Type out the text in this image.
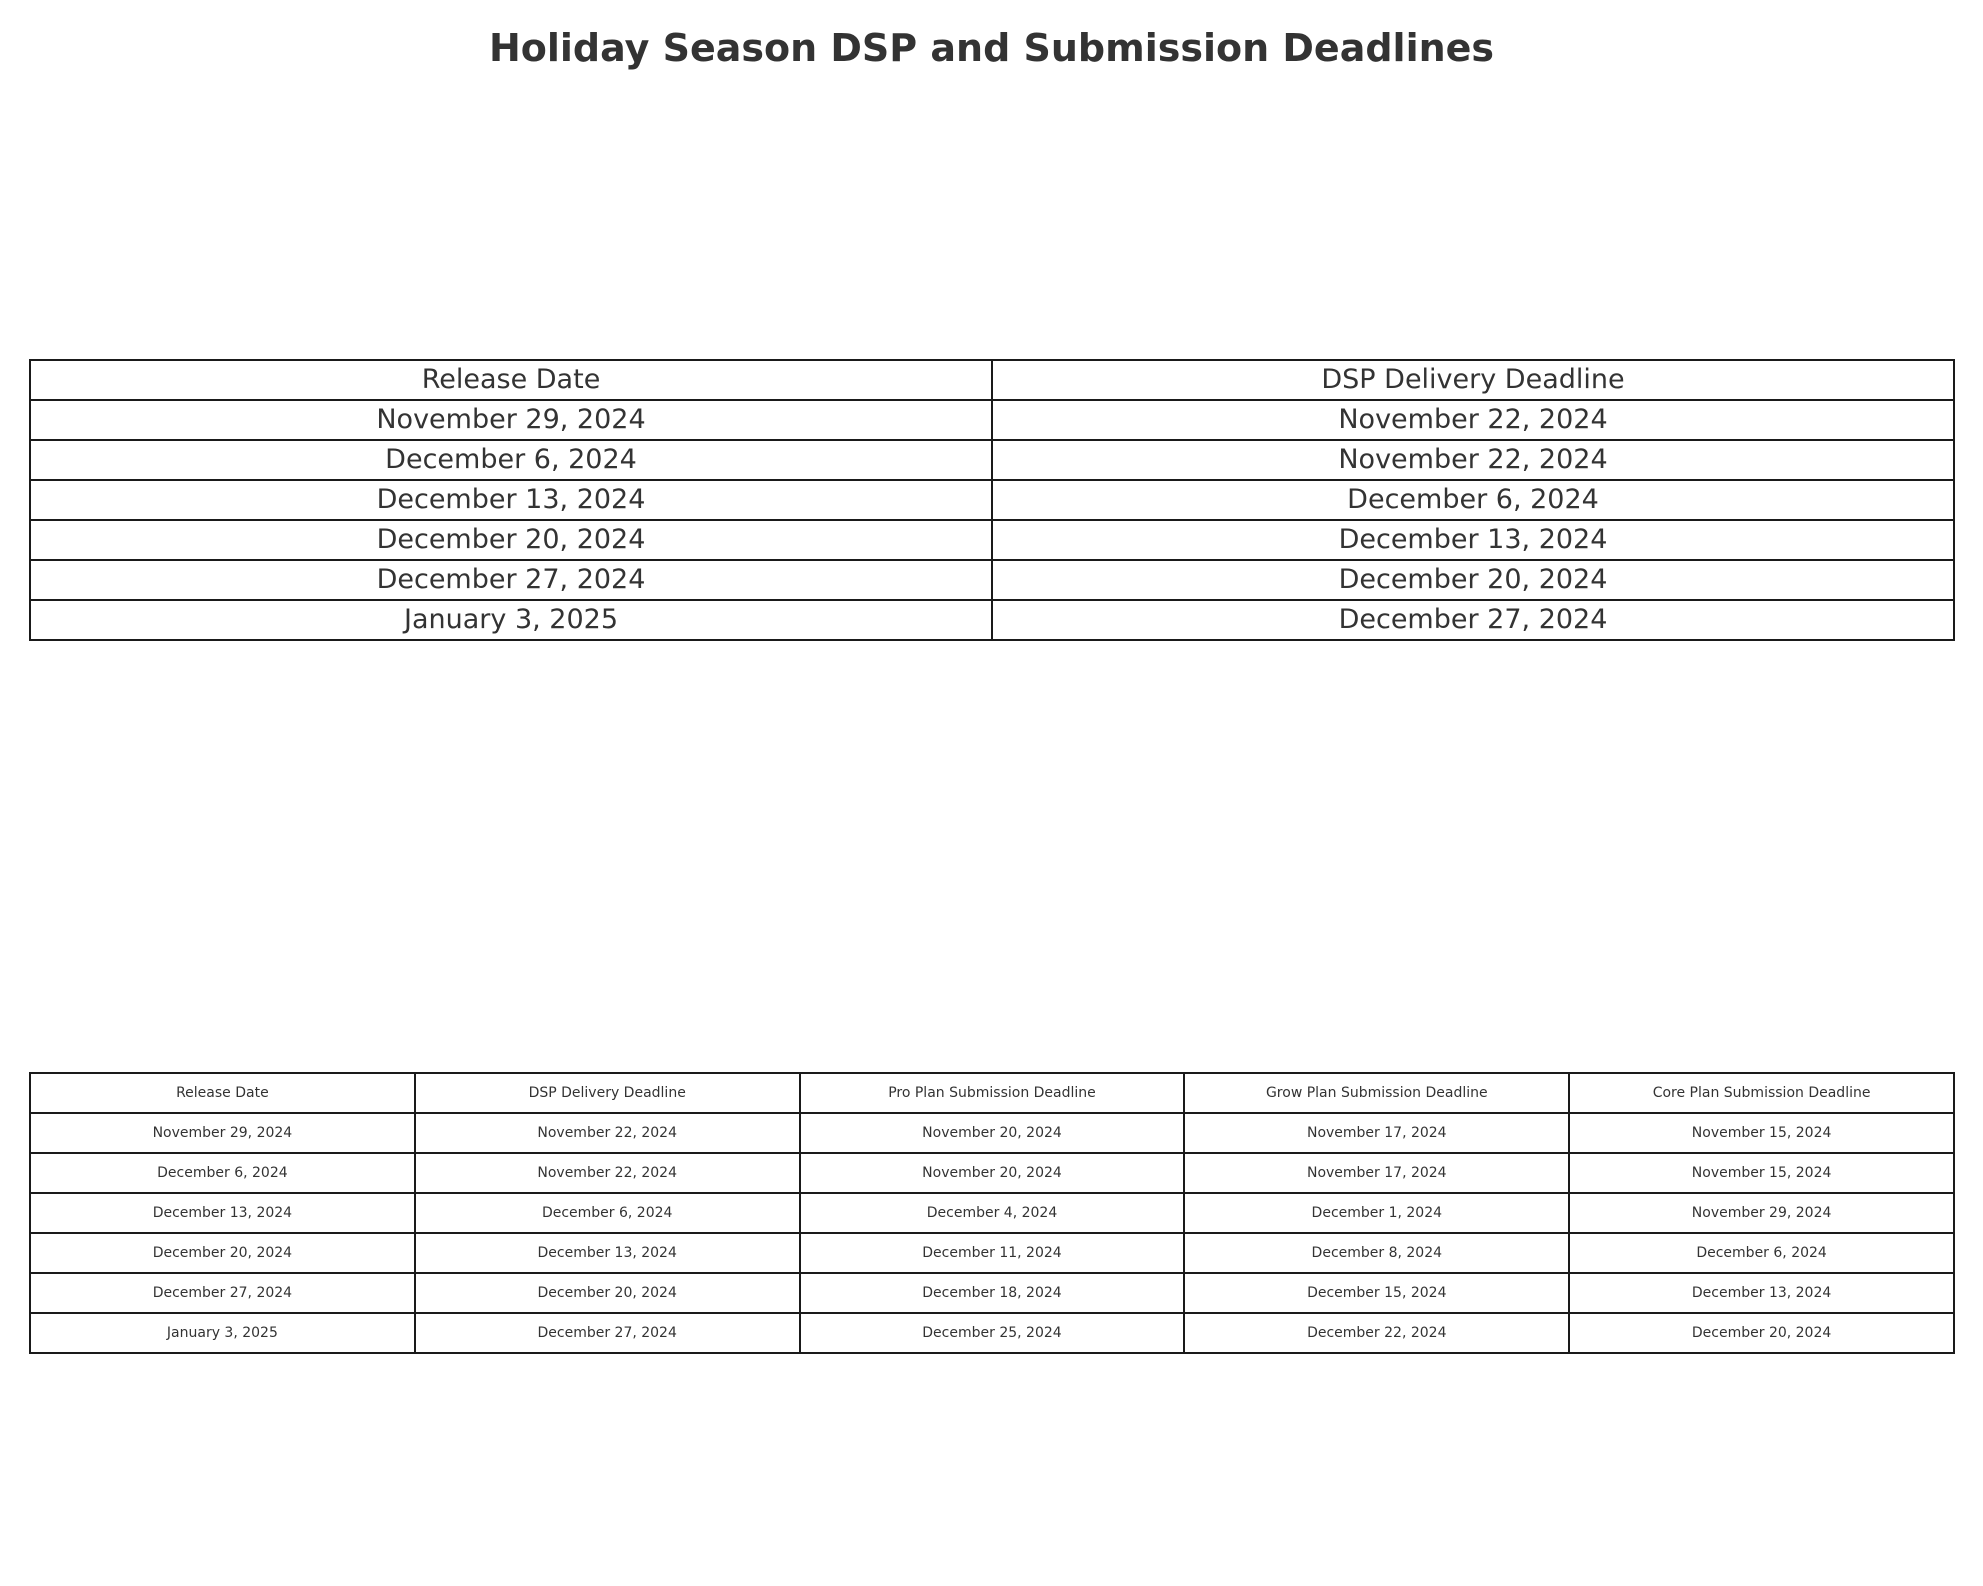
Holiday Season DSP and Submission Deadlines
Release Date	DSP Delivery Deadline
November 29, 2024	November 22, 2024
December 6, 2024	November 22, 2024
December 13, 2024	December 6, 2024
December 20, 2024	December 13, 2024
December 27, 2024	December 20, 2024
January 3, 2025	December 27, 2024
Release Date	DSP Delivery Deadline	Pro Plan Submission Deadline	Grow Plan Submission Deadline	Core Plan Submission Deadline
November 29, 2024	November 22, 2024	November 20, 2024	November 17, 2024	November 15, 2024
December 6, 2024	November 22, 2024	November 20, 2024	November 17, 2024	November 15, 2024
December 13, 2024	December 6, 2024	December 4, 2024	December 1, 2024	November 29, 2024
December 20, 2024	December 13, 2024	December 11, 2024	December 8, 2024	December 6, 2024
December 27, 2024	December 20, 2024	December 18, 2024	December 15, 2024	December 13, 2024
January 3, 2025	December 27, 2024	December 25, 2024	December 22, 2024	December 20, 2024
